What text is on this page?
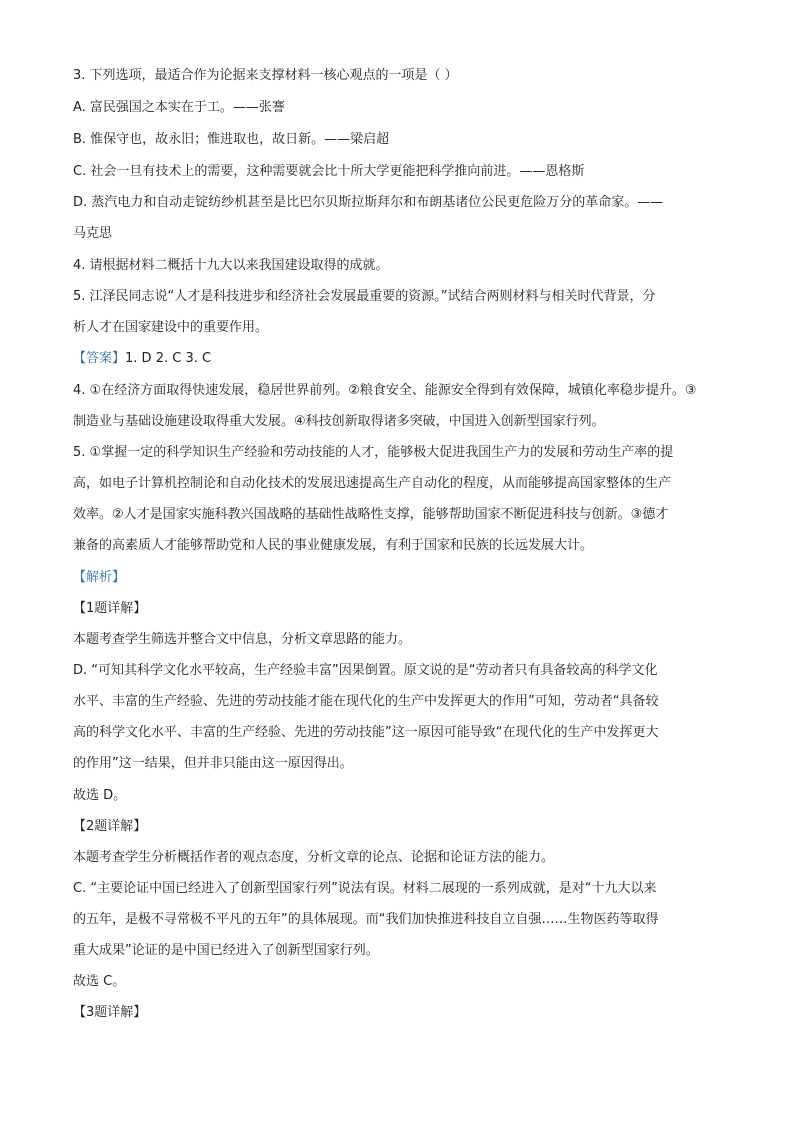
3. 下列选项，最适合作为论据来支撑材料一核心观点的一项是（ ）
A. 富民强国之本实在于工。——张謇
B. 惟保守也，故永旧；惟进取也，故日新。——梁启超
C. 社会一旦有技术上的需要，这种需要就会比十所大学更能把科学推向前进。——恩格斯
D. 蒸汽电力和自动走锭纺纱机甚至是比巴尔贝斯拉斯拜尔和布朗基诸位公民更危险万分的革命家。——
马克思
4. 请根据材料二概括十九大以来我国建设取得的成就。
5. 江泽民同志说“人才是科技进步和经济社会发展最重要的资源。”试结合两则材料与相关时代背景，分
析人才在国家建设中的重要作用。
【答案】1. D 2. C 3. C
4. ①在经济方面取得快速发展，稳居世界前列。②粮食安全、能源安全得到有效保障，城镇化率稳步提升。③
制造业与基础设施建设取得重大发展。④科技创新取得诸多突破，中国进入创新型国家行列。
5. ①掌握一定的科学知识生产经验和劳动技能的人才，能够极大促进我国生产力的发展和劳动生产率的提
高，如电子计算机控制论和自动化技术的发展迅速提高生产自动化的程度，从而能够提高国家整体的生产
效率。②人才是国家实施科教兴国战略的基础性战略性支撑，能够帮助国家不断促进科技与创新。③德才
兼备的高素质人才能够帮助党和人民的事业健康发展，有利于国家和民族的长远发展大计。
【解析】
【1题详解】
本题考查学生筛选并整合文中信息，分析文章思路的能力。
D. “可知其科学文化水平较高，生产经验丰富”因果倒置。原文说的是“劳动者只有具备较高的科学文化
水平、丰富的生产经验、先进的劳动技能才能在现代化的生产中发挥更大的作用”可知，劳动者“具备较
高的科学文化水平、丰富的生产经验、先进的劳动技能”这一原因可能导致“在现代化的生产中发挥更大
的作用”这一结果，但并非只能由这一原因得出。
故选 D。
【2题详解】
本题考查学生分析概括作者的观点态度，分析文章的论点、论据和论证方法的能力。
C. “主要论证中国已经进入了创新型国家行列”说法有误。材料二展现的一系列成就，是对“十九大以来
的五年，是极不寻常极不平凡的五年”的具体展现。而“我们加快推进科技自立自强……生物医药等取得
重大成果”论证的是中国已经进入了创新型国家行列。
故选 C。
【3题详解】
